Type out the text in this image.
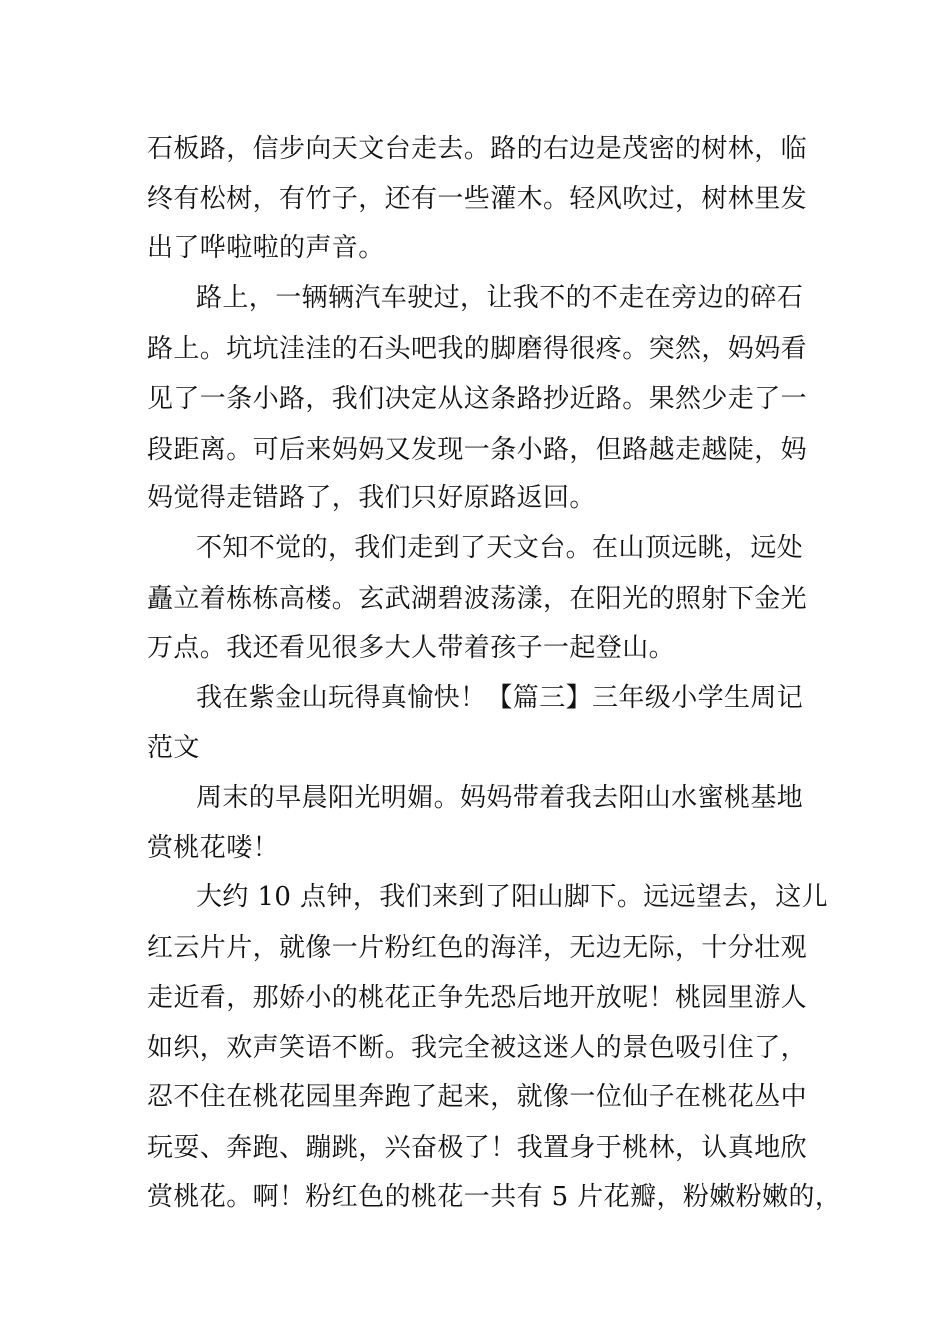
石板路，信步向天文台走去。路的右边是茂密的树林，临
终有松树，有竹子，还有一些灌木。轻风吹过，树林里发
出了哗啦啦的声音。
路上，一辆辆汽车驶过，让我不的不走在旁边的碎石
路上。坑坑洼洼的石头吧我的脚磨得很疼。突然，妈妈看
见了一条小路，我们决定从这条路抄近路。果然少走了一
段距离。可后来妈妈又发现一条小路，但路越走越陡，妈
妈觉得走错路了，我们只好原路返回。
不知不觉的，我们走到了天文台。在山顶远眺，远处
矗立着栋栋高楼。玄武湖碧波荡漾，在阳光的照射下金光
万点。我还看见很多大人带着孩子一起登山。
我在紫金山玩得真愉快！【篇三】三年级小学生周记
范文
周末的早晨阳光明媚。妈妈带着我去阳山水蜜桃基地
赏桃花喽！
大约 10 点钟，我们来到了阳山脚下。远远望去，这儿
红云片片，就像一片粉红色的海洋，无边无际，十分壮观
走近看，那娇小的桃花正争先恐后地开放呢！桃园里游人
如织，欢声笑语不断。我完全被这迷人的景色吸引住了，
忍不住在桃花园里奔跑了起来，就像一位仙子在桃花丛中
玩耍、奔跑、蹦跳，兴奋极了！我置身于桃林，认真地欣
赏桃花。啊！粉红色的桃花一共有 5 片花瓣，粉嫩粉嫩的，
